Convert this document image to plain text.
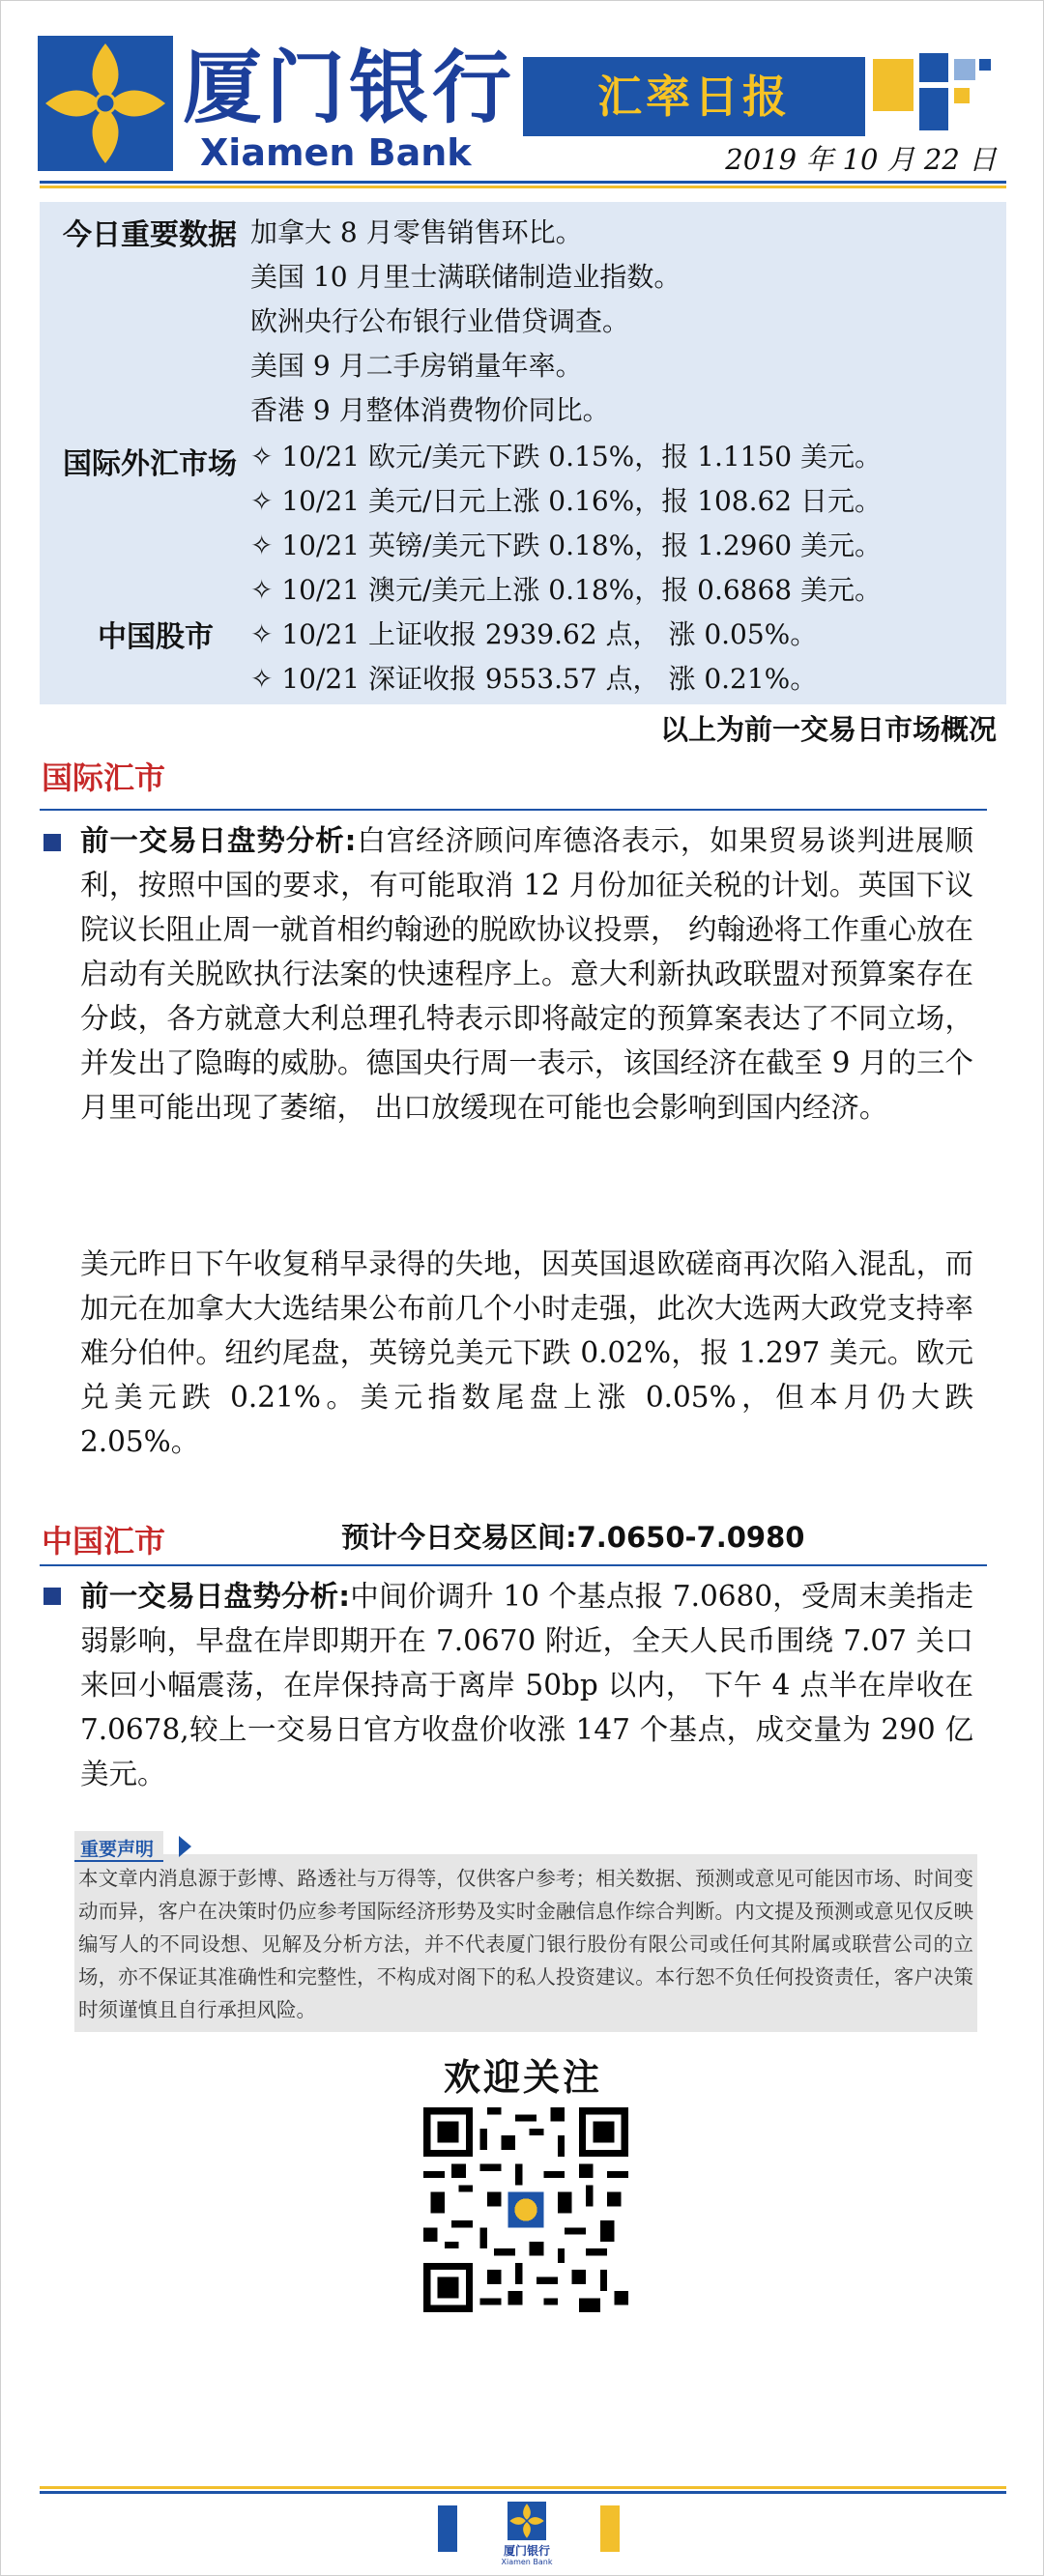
厦门银行
Xiamen Bank
汇率日报
2019 年 10 月 22 日
今日重要数据 加拿大 8 月零售销售环比。
美国 10 月里士满联储制造业指数。
欧洲央行公布银行业借贷调查。
美国 9 月二手房销量年率。
香港 9 月整体消费物价同比。
国际外汇市场 ✧ 10/21 欧元/美元下跌 0.15%，报 1.1150 美元。
✧ 10/21 美元/日元上涨 0.16%，报 108.62 日元。
✧ 10/21 英镑/美元下跌 0.18%，报 1.2960 美元。
✧ 10/21 澳元/美元上涨 0.18%，报 0.6868 美元。
中国股市 ✧ 10/21 上证收报 2939.62 点， 涨 0.05%。
✧ 10/21 深证收报 9553.57 点， 涨 0.21%。
以上为前一交易日市场概况
国际汇市

前一交易日盘势分析:白宫经济顾问库德洛表示，如果贸易谈判进展顺利，按照中国的要求，有可能取消 12 月份加征关税的计划。英国下议院议长阻止周一就首相约翰逊的脱欧协议投票， 约翰逊将工作重心放在启动有关脱欧执行法案的快速程序上。意大利新执政联盟对预算案存在分歧，各方就意大利总理孔特表示即将敲定的预算案表达了不同立场， 并发出了隐晦的威胁。德国央行周一表示，该国经济在截至 9 月的三个月里可能出现了萎缩， 出口放缓现在可能也会影响到国内经济。

美元昨日下午收复稍早录得的失地，因英国退欧磋商再次陷入混乱，而加元在加拿大大选结果公布前几个小时走强，此次大选两大政党支持率难分伯仲。纽约尾盘，英镑兑美元下跌 0.02%，报 1.297 美元。欧元兑美元跌 0.21%。美元指数尾盘上涨 0.05%，但本月仍大跌 2.05%。

中国汇市	预计今日交易区间:7.0650-7.0980

前一交易日盘势分析:中间价调升 10 个基点报 7.0680，受周末美指走弱影响，早盘在岸即期开在 7.0670 附近，全天人民币围绕 7.07 关口来回小幅震荡，在岸保持高于离岸 50bp 以内， 下午 4 点半在岸收在 7.0678,较上一交易日官方收盘价收涨 147 个基点，成交量为 290 亿美元。

重要声明

本文章内消息源于彭博、路透社与万得等，仅供客户参考；相关数据、预测或意见可能因市场、时间变动而异，客户在决策时仍应参考国际经济形势及实时金融信息作综合判断。内文提及预测或意见仅反映编写人的不同设想、见解及分析方法，并不代表厦门银行股份有限公司或任何其附属或联营公司的立场，亦不保证其准确性和完整性，不构成对阁下的私人投资建议。本行恕不负任何投资责任，客户决策时须谨慎且自行承担风险。

欢迎关注
厦门银行
Xiamen Bank
